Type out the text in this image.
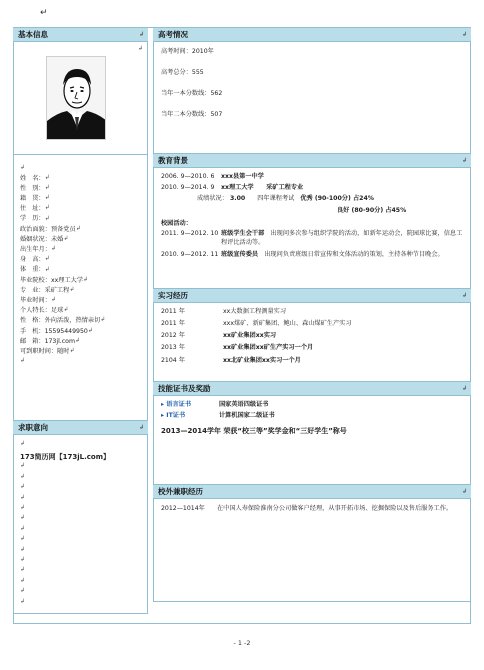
↵
基本信息	↲
↲
↲
姓 名 ： ↲
性 别 ： ↲
籍 贯 ： ↲
住 址 ： ↲
学 历 ： ↲
政治面貌 ： 预备党员 ↲
婚姻状况 ： 未婚 ↲
出生年月 ： ↲
身 高 ： ↲
体 重 ： ↲
毕业院校 ： xx理工大学 ↲
专 业 ： 采矿工程 ↲
毕业时间 ： ↲
个人特长 ： 足球 ↲
性 格 ： 外向活泼，热情亲切 ↲
手 机 ： 15595449950 ↲
邮 箱 ： 173jl.com ↲
可到职时间 ： 随时 ↲
↲
求职意向	↲
↲
173简历网【173jL.com】
↲
↲
↲
↲
↲
↲
↲
↲
↲
↲
↲
↲
↲
↲
高考情况	↲
高考时间：2010年
高考总分：555
当年一本分数线：562
当年二本分数线：507
教育背景	↲
2006. 9—2010. 6	xxx县第一中学
2010. 9—2014. 9	xx理工大学　　采矿工程专业
成绩状况： 3.00 四年课程考试 优秀 (90-100分) 占24%
良好 (80-90分) 占45%
校园活动：
2011. 9—2012. 10 班级学生会干部　 出现问多次参与组织学院的活动，如新年运动会，院园球比赛，信息工程评比活动等。
2010. 9—2012. 11 班级宣传委员　 出现问负责班级日常宣传和文体活动的策划，主持各种节目晚会。
实习经历	↲
2011 年	xx大数据工程测量实习
2011 年	xxx煤矿、新矿集团、鲍山、森山煤矿生产实习
2012 年	xx矿业集团xx实习
2013 年	xx矿业集团xx矿生产实习一个月
2104 年	xx北矿业集团xx实习一个月
技能证书及奖励	↲
▸ 语言证书	国家英语四级证书
▸ IT证书	计算机国家二级证书
2013—2014学年 荣获“校三等”奖学金和“三好学生”称号
校外兼职经历	↲
2012—1014年	在中国人寿保险淮南分公司做客户经理，从事开拓市场、挖掘保险以及售后服务工作。
- 1 -2
